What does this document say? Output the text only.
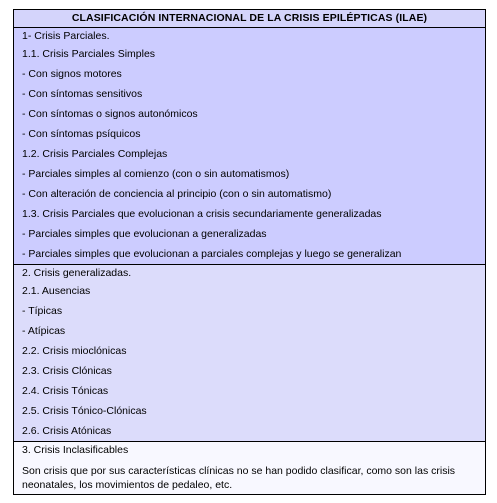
CLASIFICACIÓN INTERNACIONAL DE LA CRISIS EPILÉPTICAS (ILAE)
1- Crisis Parciales.
1.1. Crisis Parciales Simples
- Con signos motores
- Con síntomas sensitivos
- Con síntomas o signos autonómicos
- Con síntomas psíquicos
1.2. Crisis Parciales Complejas
- Parciales simples al comienzo (con o sin automatismos)
- Con alteración de conciencia al principio (con o sin automatismo)
1.3. Crisis Parciales que evolucionan a crisis secundariamente generalizadas
- Parciales simples que evolucionan a generalizadas
- Parciales simples que evolucionan a parciales complejas y luego se generalizan
2. Crisis generalizadas.
2.1. Ausencias
- Típicas
- Atípicas
2.2. Crisis mioclónicas
2.3. Crisis Clónicas
2.4. Crisis Tónicas
2.5. Crisis Tónico-Clónicas
2.6. Crisis Atónicas
3. Crisis Inclasificables
Son crisis que por sus características clínicas no se han podido clasificar, como son las crisis neonatales, los movimientos de pedaleo, etc.
